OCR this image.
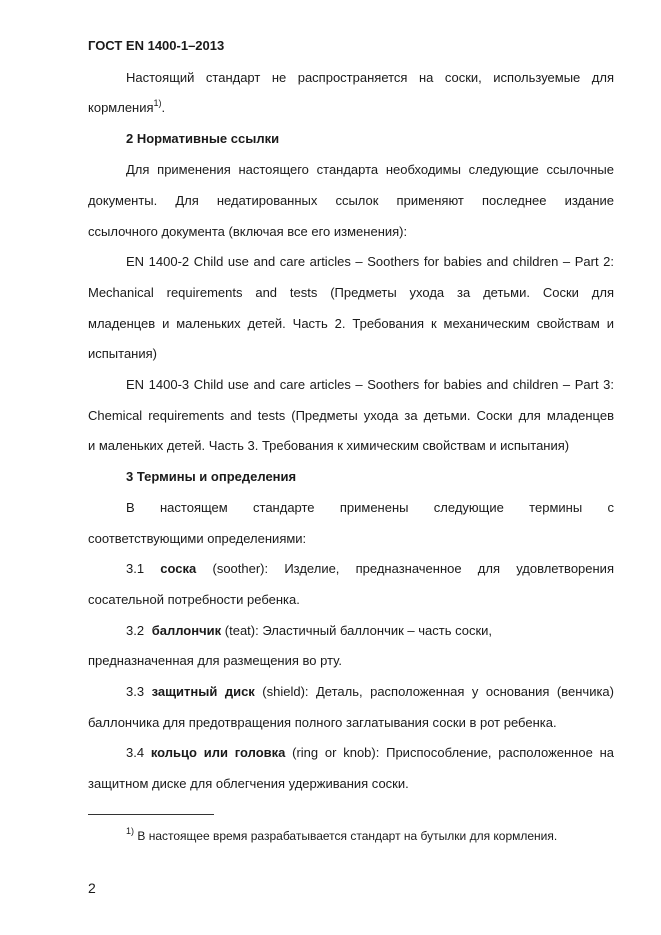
ГОСТ EN 1400-1–2013
Настоящий стандарт не распространяется на соски, используемые для
кормления$^{1)}$.
2 Нормативные ссылки
Для применения настоящего стандарта необходимы следующие ссылочные
документы. Для недатированных ссылок применяют последнее издание
ссылочного документа (включая все его изменения):
EN 1400-2 Child use and care articles – Soothers for babies and children – Part 2:
Mechanical requirements and tests (Предметы ухода за детьми. Соски для
младенцев и маленьких детей. Часть 2. Требования к механическим свойствам и
испытания)
EN 1400-3 Child use and care articles – Soothers for babies and children – Part 3:
Chemical requirements and tests (Предметы ухода за детьми. Соски для младенцев
и маленьких детей. Часть 3. Требования к химическим свойствам и испытания)
3 Термины и определения
В настоящем стандарте применены следующие термины с
соответствующими определениями:
3.1 соска (soother): Изделие, предназначенное для удовлетворения
сосательной потребности ребенка.
3.2 баллончик (teat): Эластичный баллончик – часть соски,
предназначенная для размещения во рту.
3.3 защитный диск (shield): Деталь, расположенная у основания (венчика)
баллончика для предотвращения полного заглатывания соски в рот ребенка.
3.4 кольцо или головка (ring or knob): Приспособление, расположенное на
защитном диске для облегчения удерживания соски.
$^{1)}$ В настоящее время разрабатывается стандарт на бутылки для кормления.
2
